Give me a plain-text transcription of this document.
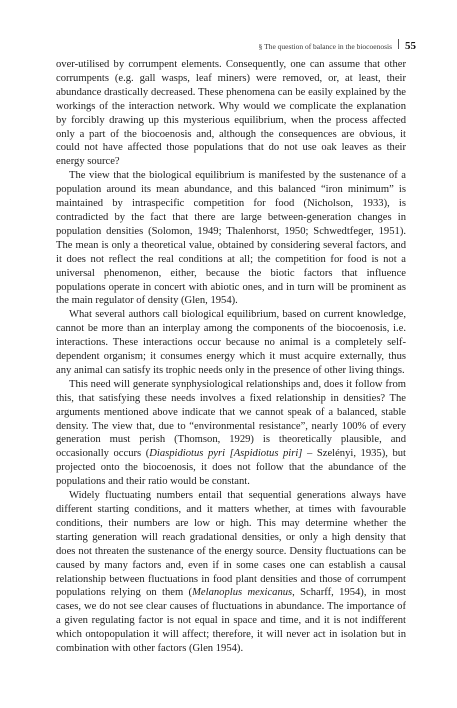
§ The question of balance in the biocoenosis 55

over-utilised by corrumpent elements. Consequently, one can assume that other corrumpents (e.g. gall wasps, leaf miners) were removed, or, at least, their abundance drastically decreased. These phenomena can be easily explained by the workings of the interaction network. Why would we complicate the explanation by forcibly drawing up this mysterious equilibrium, when the process affected only a part of the biocoenosis and, although the consequences are obvious, it could not have affected those populations that do not use oak leaves as their energy source?

The view that the biological equilibrium is manifested by the sustenance of a population around its mean abundance, and this balanced “iron minimum” is maintained by intraspecific competition for food (Nicholson, 1933), is contradicted by the fact that there are large between-generation changes in population densities (Solomon, 1949; Thalenhorst, 1950; Schwedtfeger, 1951). The mean is only a theoretical value, obtained by considering several factors, and it does not reflect the real conditions at all; the competition for food is not a universal phenomenon, either, because the biotic factors that influence populations operate in concert with abiotic ones, and in turn will be prominent as the main regulator of density (Glen, 1954).

What several authors call biological equilibrium, based on current knowledge, cannot be more than an interplay among the components of the biocoenosis, i.e. interactions. These interactions occur because no animal is a completely self-dependent organism; it consumes energy which it must acquire externally, thus any animal can satisfy its trophic needs only in the presence of other living things.

This need will generate synphysiological relationships and, does it follow from this, that satisfying these needs involves a fixed relationship in densities? The arguments mentioned above indicate that we cannot speak of a balanced, stable density. The view that, due to “environmental resistance”, nearly 100% of every generation must perish (Thomson, 1929) is theoretically plausible, and occasionally occurs (Diaspidiotus pyri [Aspidiotus piri] – Szelényi, 1935), but projected onto the biocoenosis, it does not follow that the abundance of the populations and their ratio would be constant.

Widely fluctuating numbers entail that sequential generations always have different starting conditions, and it matters whether, at times with favourable conditions, their numbers are low or high. This may determine whether the starting generation will reach gradational densities, or only a high density that does not threaten the sustenance of the energy source. Density fluctuations can be caused by many factors and, even if in some cases one can establish a causal relationship between fluctuations in food plant densities and those of corrumpent populations relying on them (Melanoplus mexicanus, Scharff, 1954), in most cases, we do not see clear causes of fluctuations in abundance. The importance of a given regulating factor is not equal in space and time, and it is not indifferent which ontopopulation it will affect; therefore, it will never act in isolation but in combination with other factors (Glen 1954).
